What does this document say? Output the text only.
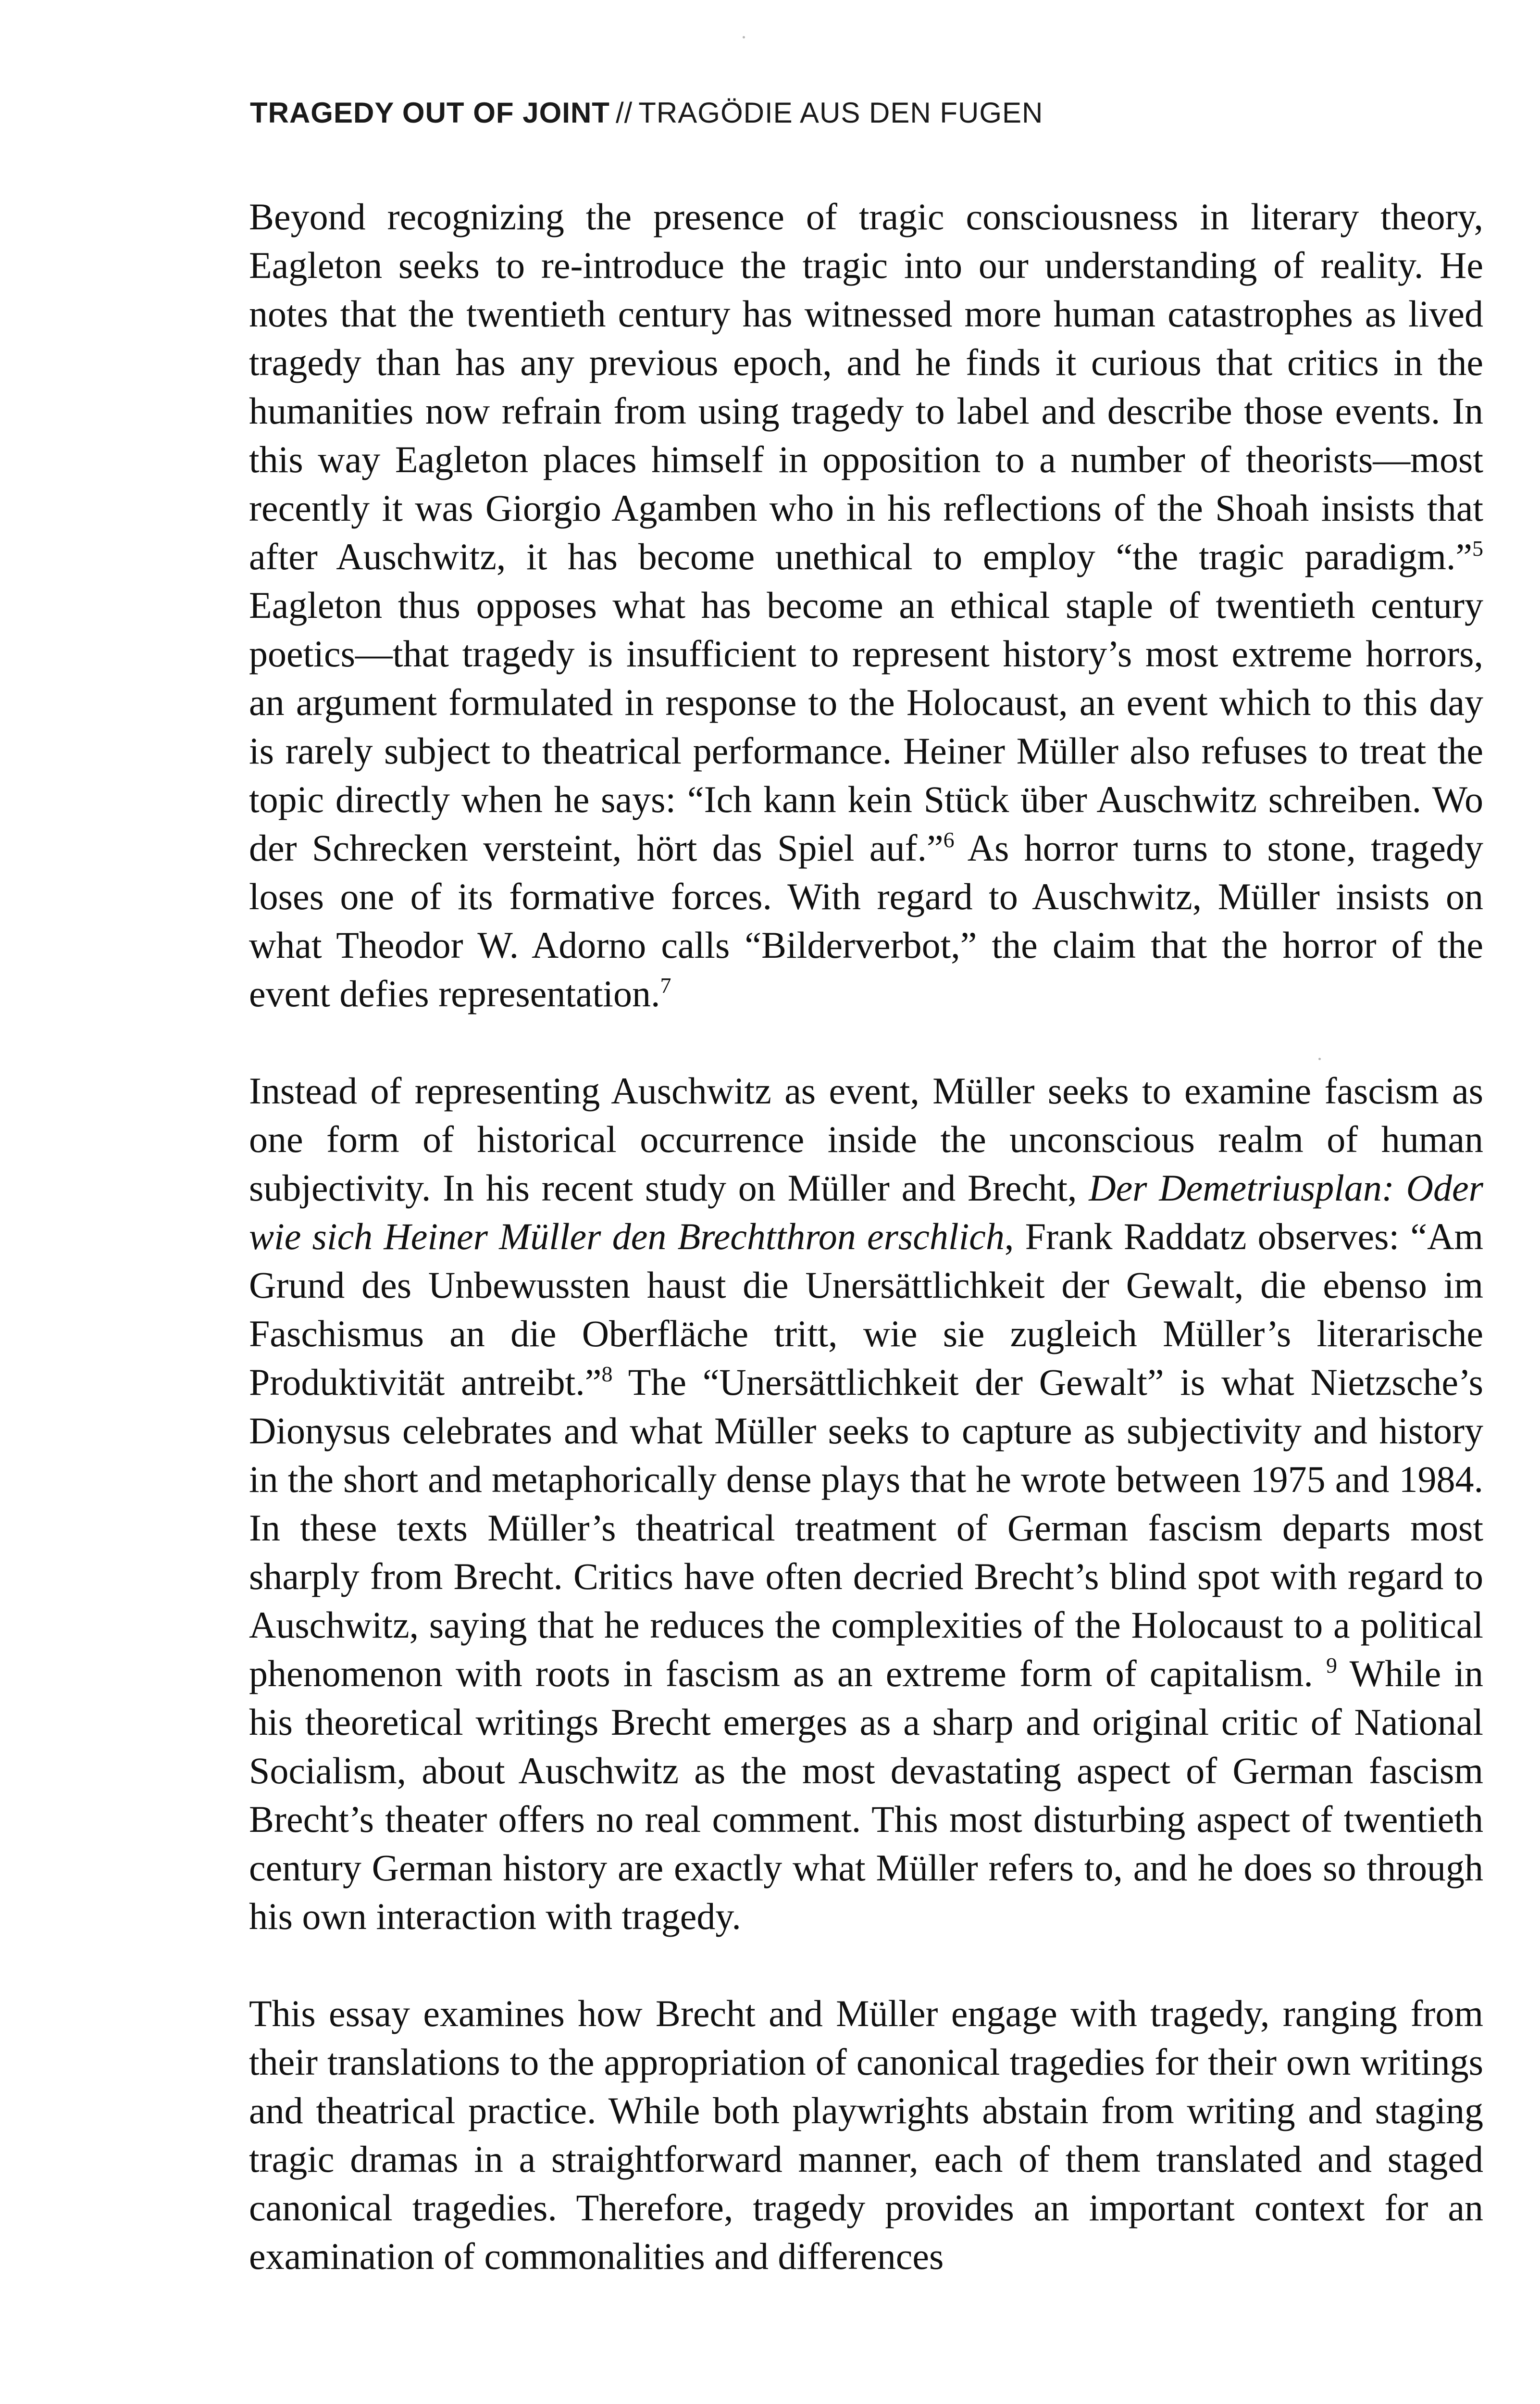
TRAGEDY OUT OF JOINT // TRAGÖDIE AUS DEN FUGEN

Beyond recognizing the presence of tragic consciousness in literary theory, Eagleton seeks to re-introduce the tragic into our understanding of reality. He notes that the twentieth century has witnessed more human catastrophes as lived tragedy than has any previous epoch, and he finds it curious that critics in the humanities now refrain from using tragedy to label and describe those events. In this way Eagleton places himself in opposition to a number of theorists—most recently it was Giorgio Agamben who in his reflections of the Shoah insists that after Auschwitz, it has become unethical to employ “the tragic paradigm.”$^5$ Eagleton thus opposes what has become an ethical staple of twentieth century poetics—that tragedy is insufficient to represent history’s most extreme horrors, an argument formulated in response to the Holocaust, an event which to this day is rarely subject to theatrical performance. Heiner Müller also refuses to treat the topic directly when he says: “Ich kann kein Stück über Auschwitz schreiben. Wo der Schrecken versteint, hört das Spiel auf.”$^6$ As horror turns to stone, tragedy loses one of its formative forces. With regard to Auschwitz, Müller insists on what Theodor W. Adorno calls “Bilderverbot,” the claim that the horror of the event defies representation.$^7$

Instead of representing Auschwitz as event, Müller seeks to examine fascism as one form of historical occurrence inside the unconscious realm of human subjectivity. In his recent study on Müller and Brecht, Der Demetriusplan: Oder wie sich Heiner Müller den Brechtthron erschlich, Frank Raddatz observes: “Am Grund des Unbewussten haust die Unersättlichkeit der Gewalt, die ebenso im Faschismus an die Oberfläche tritt, wie sie zugleich Müller’s literarische Produktivität antreibt.”$^8$ The “Unersättlichkeit der Gewalt” is what Nietzsche’s Dionysus celebrates and what Müller seeks to capture as subjectivity and history in the short and metaphorically dense plays that he wrote between 1975 and 1984. In these texts Müller’s theatrical treatment of German fascism departs most sharply from Brecht. Critics have often decried Brecht’s blind spot with regard to Auschwitz, saying that he reduces the complexities of the Holocaust to a political phenomenon with roots in fascism as an extreme form of capitalism. $^9$ While in his theoretical writings Brecht emerges as a sharp and original critic of National Socialism, about Auschwitz as the most devastating aspect of German fascism Brecht’s theater offers no real comment. This most disturbing aspect of twentieth century German history are exactly what Müller refers to, and he does so through his own interaction with tragedy.

This essay examines how Brecht and Müller engage with tragedy, ranging from their translations to the appropriation of canonical tragedies for their own writings and theatrical practice. While both playwrights abstain from writing and staging tragic dramas in a straightforward manner, each of them translated and staged canonical tragedies. Therefore, tragedy provides an important context for an examination of commonalities and differences
